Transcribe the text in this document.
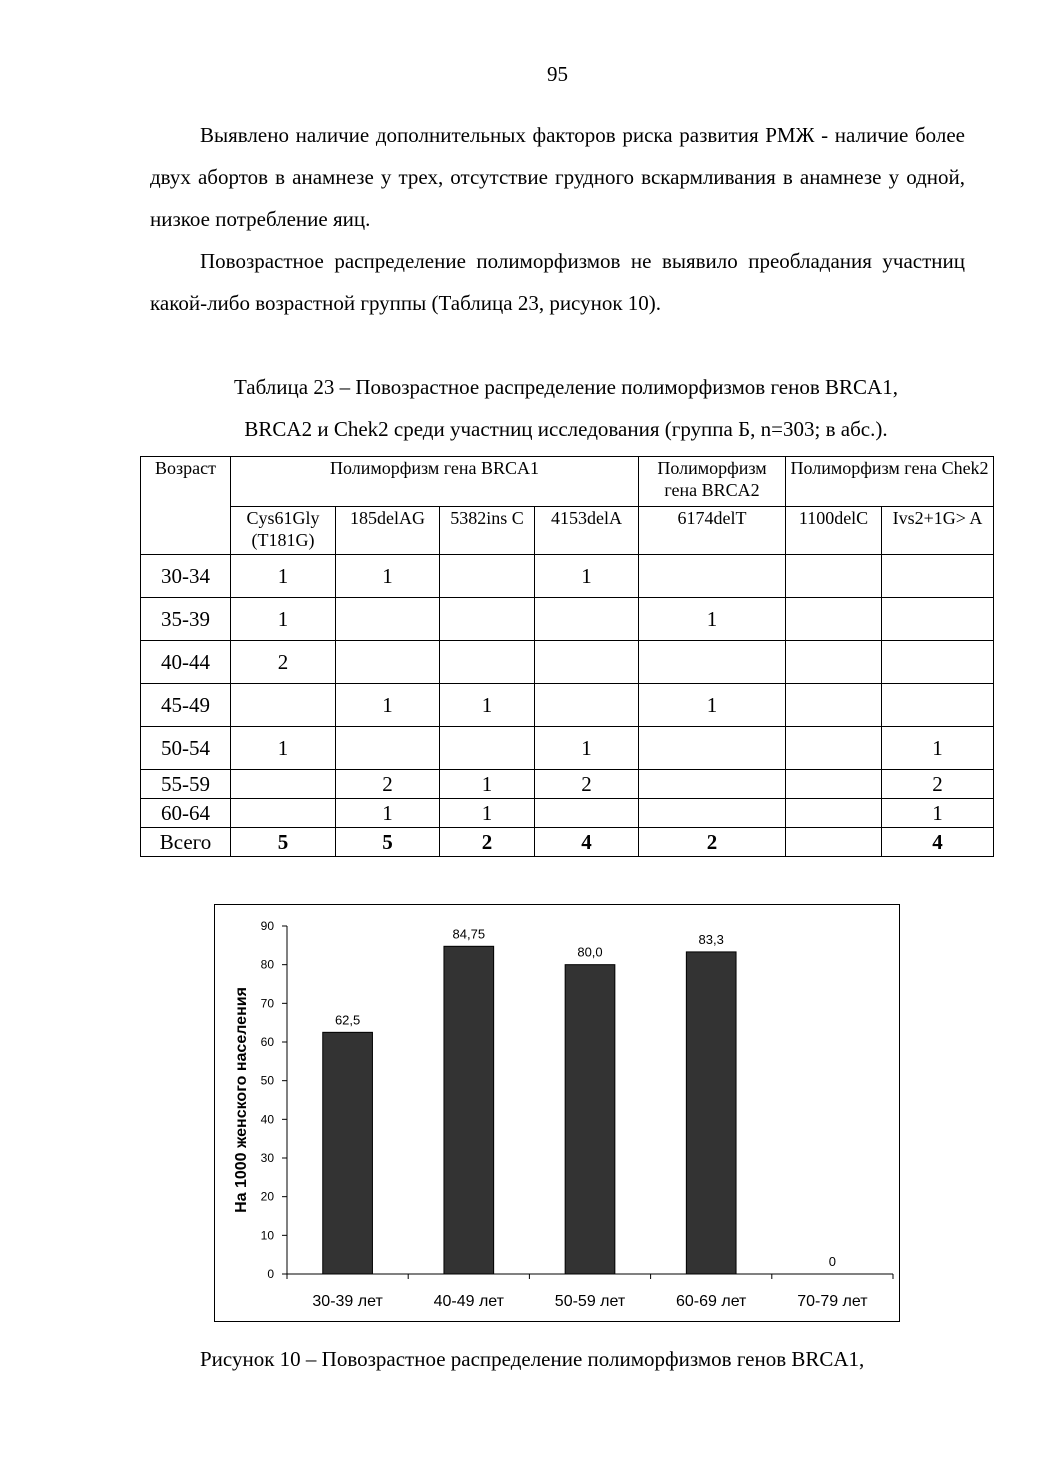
95

Выявлено наличие дополнительных факторов риска развития РМЖ - наличие более двух абортов в анамнезе у трех, отсутствие грудного вскармливания в анамнезе у одной, низкое потребление яиц.

Повозрастное распределение полиморфизмов не выявило преобладания участниц какой-либо возрастной группы (Таблица 23, рисунок 10).

Таблица 23 – Повозрастное распределение полиморфизмов генов BRCA1,
BRCA2 и Chek2 среди участниц исследования (группа Б, n=303; в абс.).
Возраст	Полиморфизм гена BRCA1				Полиморфизм гена BRCA2	Полиморфизм гена Chek2	
	Cys61Gly (T181G)	185delAG	5382ins C	4153delA	6174delT	1100delC	Ivs2+1G> A
30-34	1	1		1			
35-39	1				1		
40-44	2						
45-49		1	1		1		
50-54	1			1			1
55-59		2	1	2			2
60-64		1	1				1
Всего	5	5	2	4	2		4
0
10
20
30
40
50
60
70
80
90
62,5
30-39 лет
84,75
40-49 лет
80,0
50-59 лет
83,3
60-69 лет
0
70-79 лет
На 1000 женского населения

Рисунок 10 – Повозрастное распределение полиморфизмов генов BRCA1,
